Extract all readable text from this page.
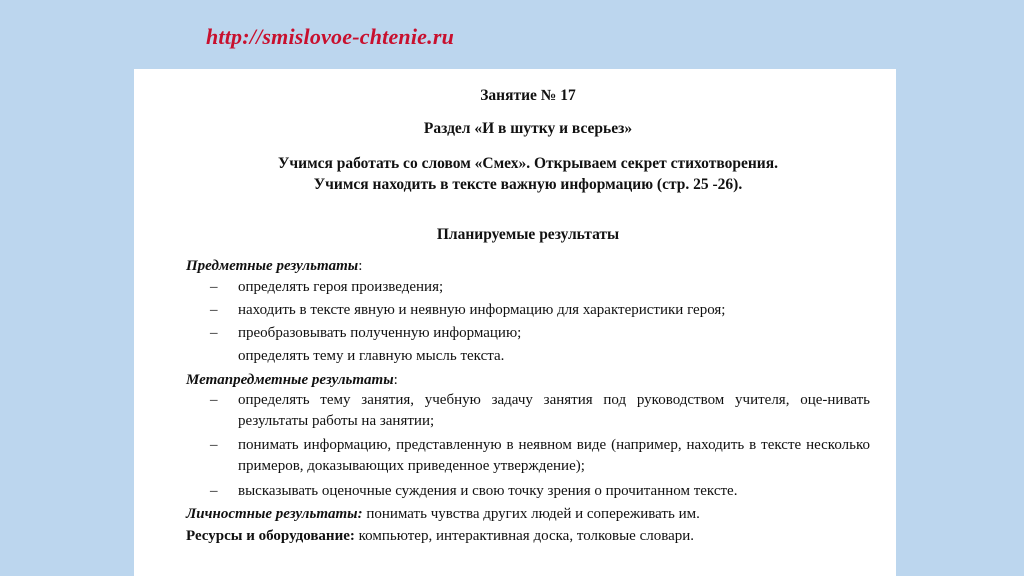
http://smislovoe-chtenie.ru
Занятие № 17
Раздел «И в шутку и всерьез»
Учимся работать со словом «Смех». Открываем секрет стихотворения.
Учимся находить в тексте важную информацию (стр. 25 -26).
Планируемые результаты
Предметные результаты:
– определять героя произведения;
– находить в тексте явную и неявную информацию для характеристики героя;
– преобразовывать полученную информацию;
определять тему и главную мысль текста.
Метапредметные результаты:
– определять тему занятия, учебную задачу занятия под руководством учителя, оце-нивать результаты работы на занятии;
– понимать информацию, представленную в неявном виде (например, находить в тексте несколько примеров, доказывающих приведенное утверждение);
– высказывать оценочные суждения и свою точку зрения о прочитанном тексте.
Личностные результаты: понимать чувства других людей и сопереживать им.
Ресурсы и оборудование: компьютер, интерактивная доска, толковые словари.
